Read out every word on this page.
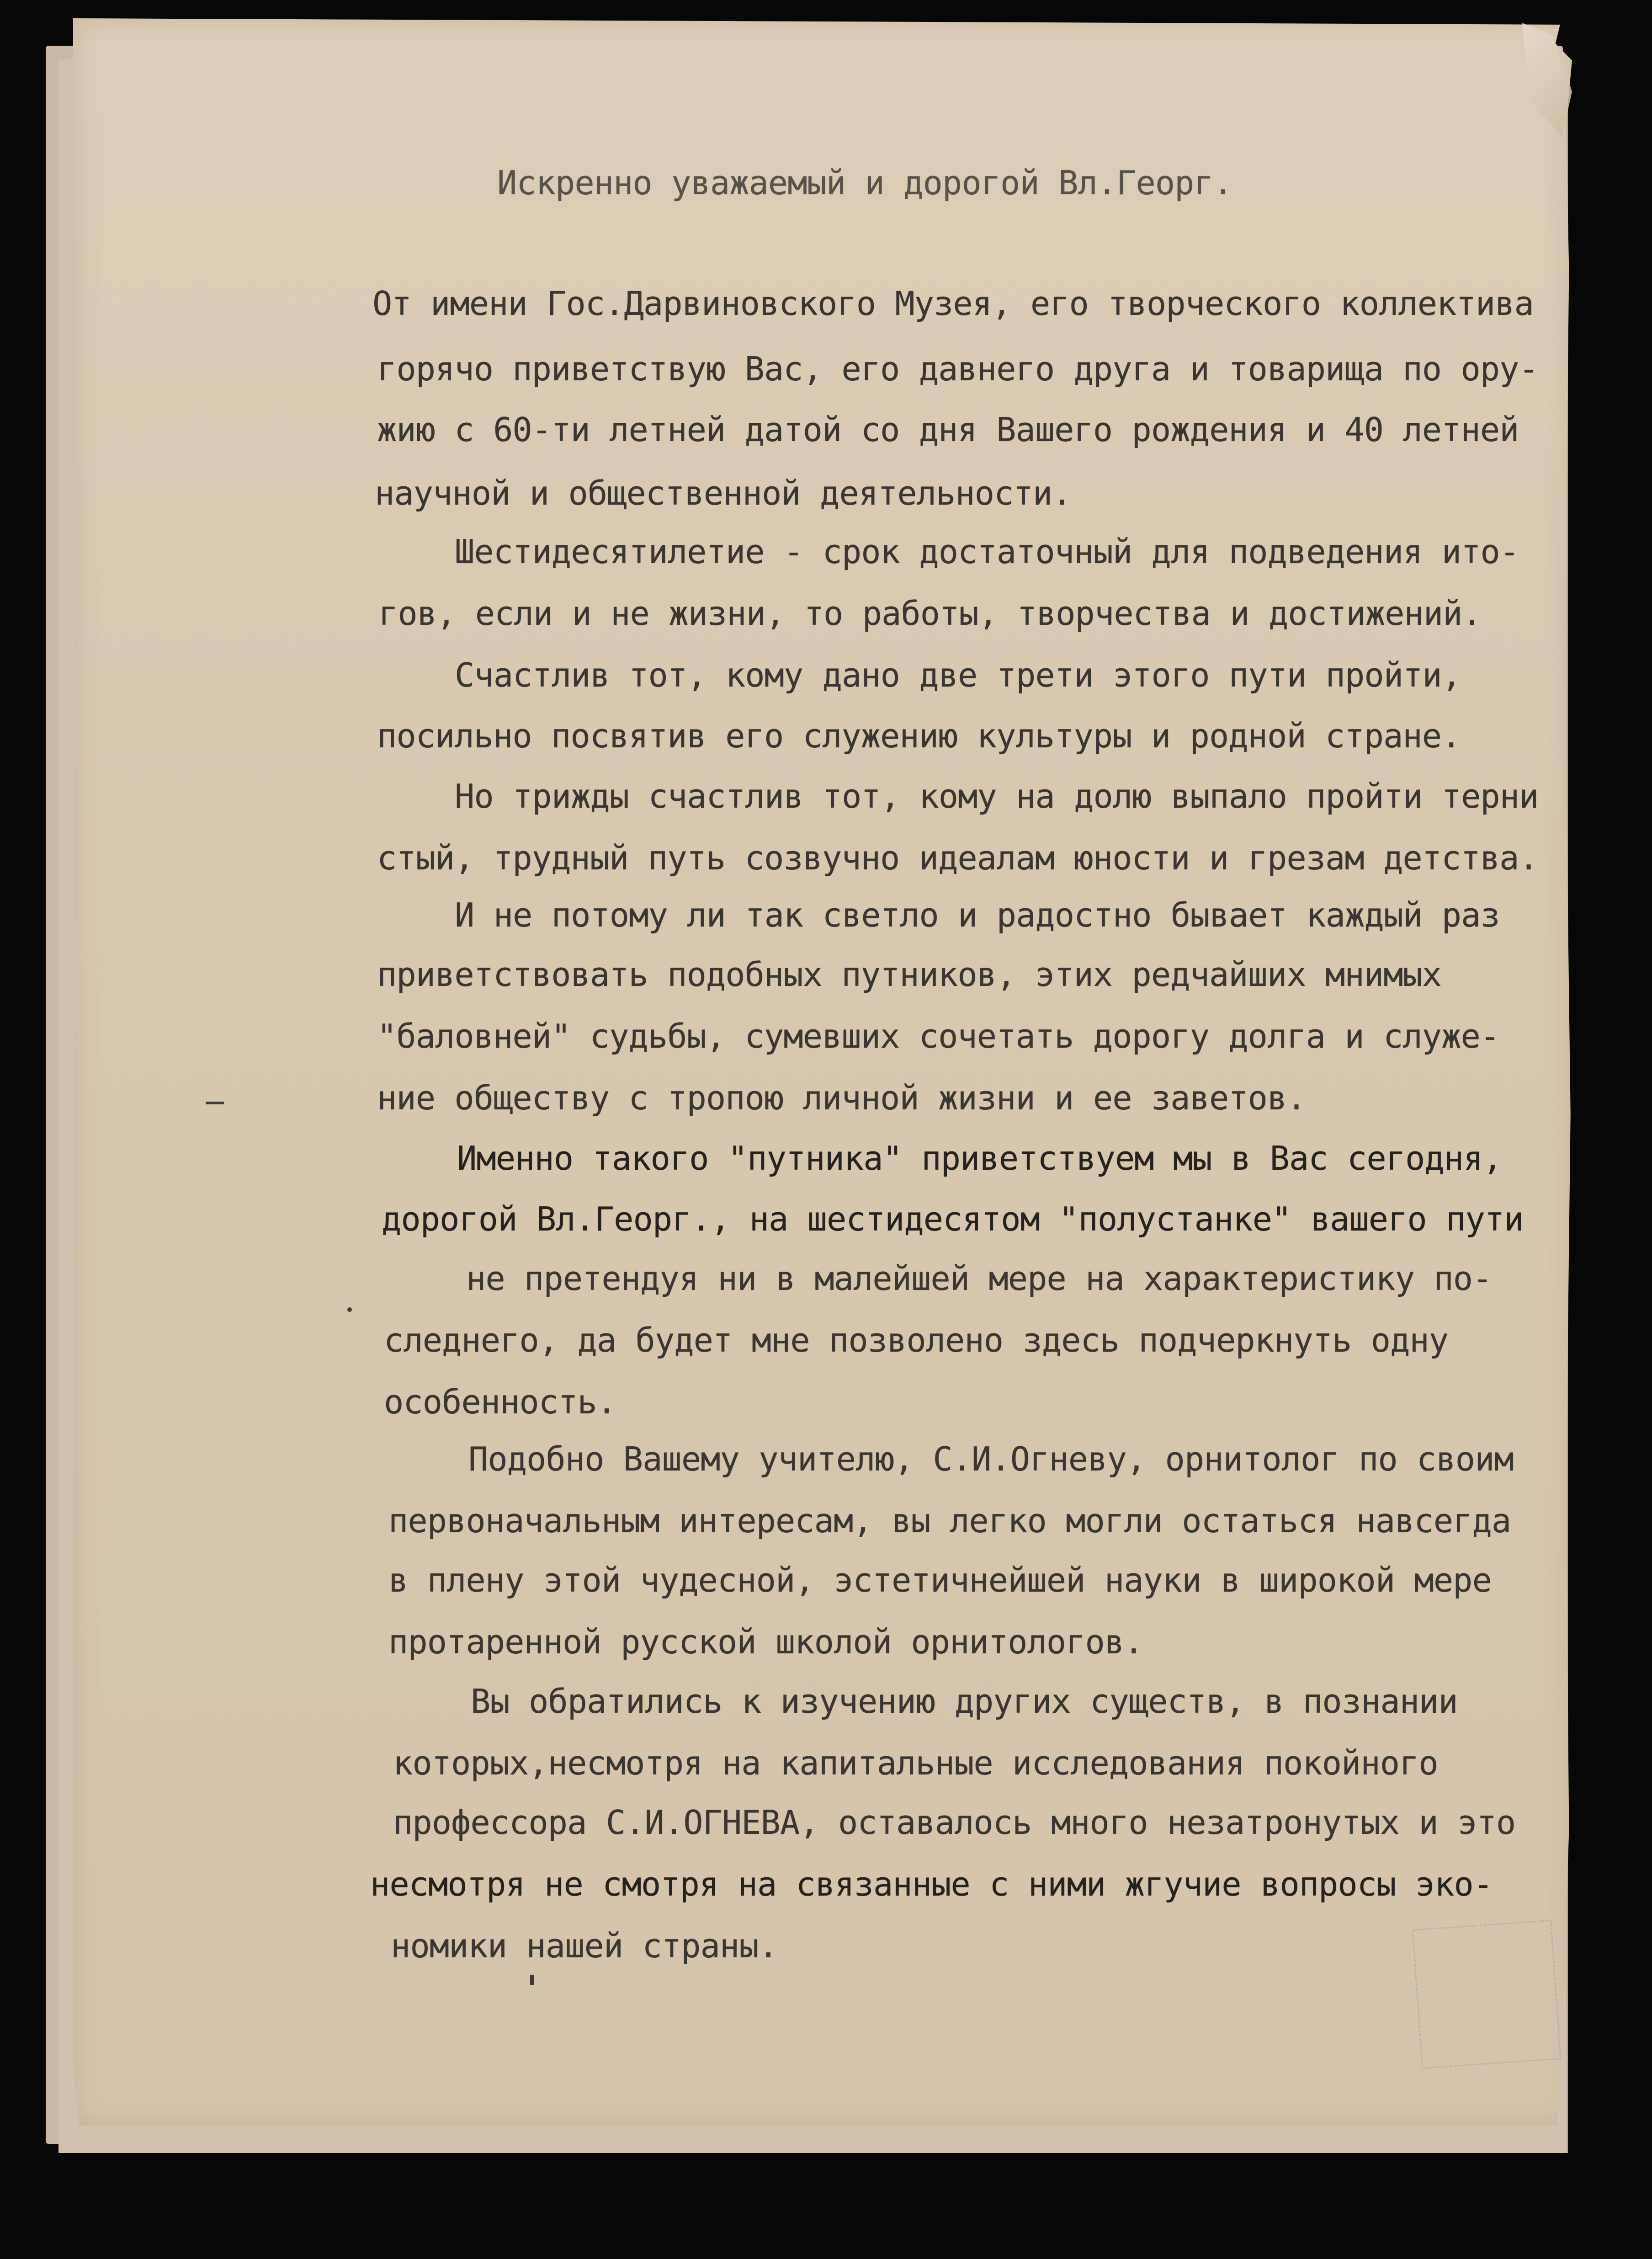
Искренно уважаемый и дорогой Вл.Георг.

От имени Гос.Дарвиновского Музея, его творческого коллектива

горячо приветствую Вас, его давнего друга и товарища по ору-

жию с 60-ти летней датой со дня Вашего рождения и 40 летней

научной и общественной деятельности.

Шестидесятилетие - срок достаточный для подведения ито-

гов, если и не жизни, то работы, творчества и достижений.

Счастлив тот, кому дано две трети этого пути пройти,

посильно посвятив его служению культуры и родной стране.

Но трижды счастлив тот, кому на долю выпало пройти терни

стый, трудный путь созвучно идеалам юности и грезам детства.

И не потому ли так светло и радостно бывает каждый раз

приветствовать подобных путников, этих редчайших мнимых

"баловней" судьбы, сумевших сочетать дорогу долга и служе-

ние обществу с тропою личной жизни и ее заветов.

Именно такого "путника" приветствуем мы в Вас сегодня,

дорогой Вл.Георг., на шестидесятом "полустанке" вашего пути

не претендуя ни в малейшей мере на характеристику по-

следнего, да будет мне позволено здесь подчеркнуть одну

особенность.

Подобно Вашему учителю, С.И.Огневу, орнитолог по своим

первоначальным интересам, вы легко могли остаться навсегда

в плену этой чудесной, эстетичнейшей науки в широкой мере

протаренной русской школой орнитологов.

Вы обратились к изучению других существ, в познании

которых,несмотря на капитальные исследования покойного

профессора С.И.ОГНЕВА, оставалось много незатронутых и это

несмотря не смотря на связанные с ними жгучие вопросы эко-

номики нашей страны.
